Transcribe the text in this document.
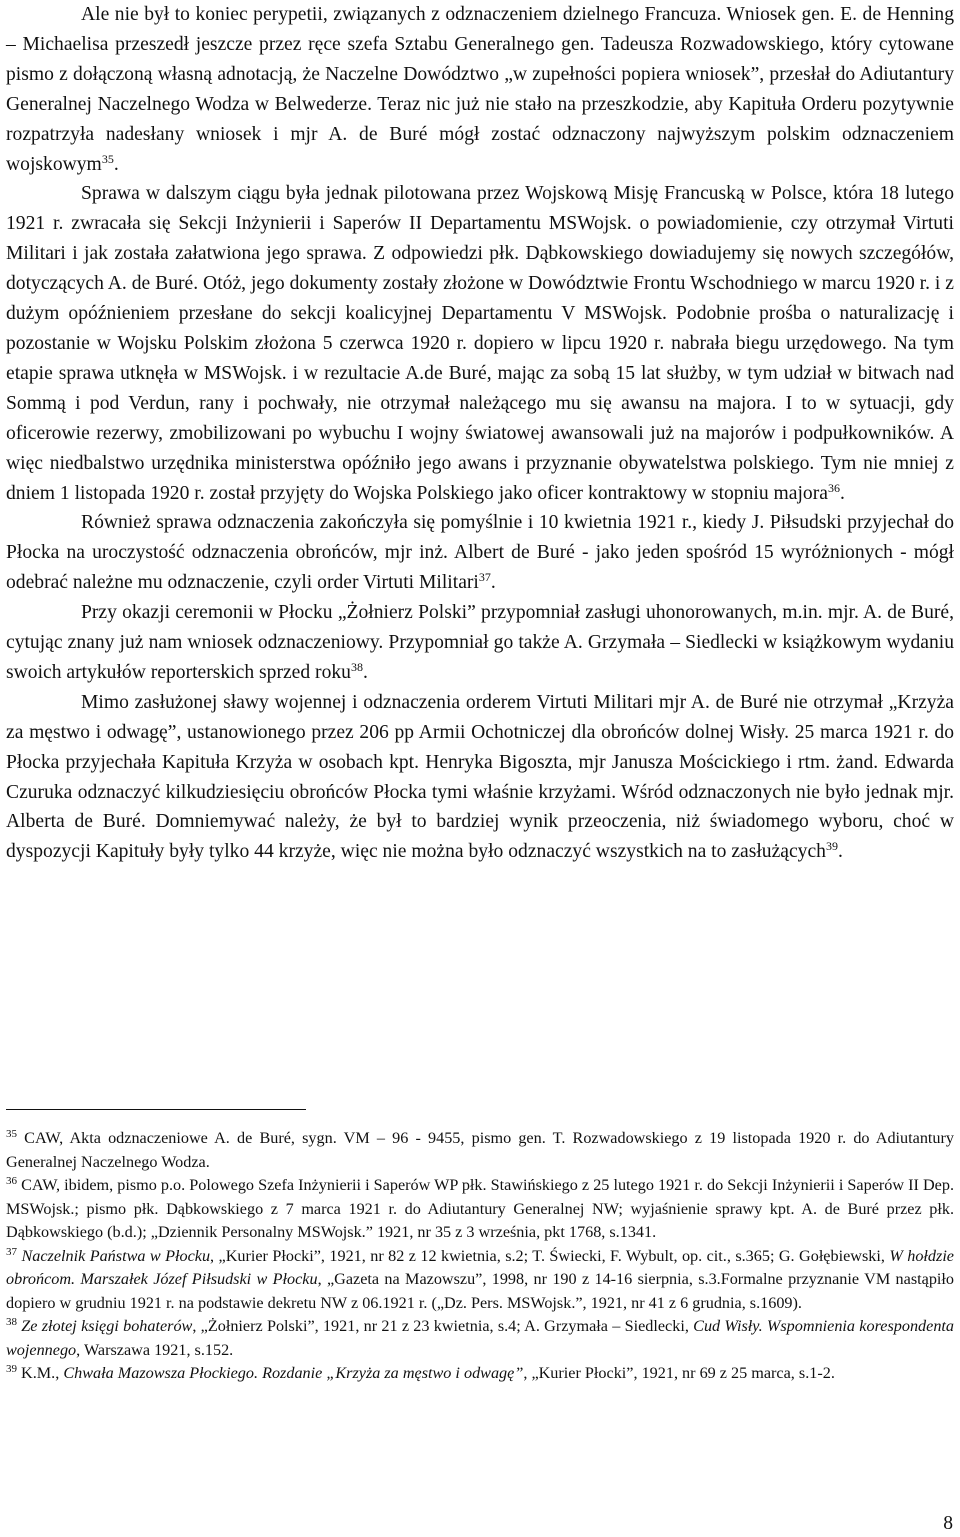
Ale nie był to koniec perypetii, związanych z odznaczeniem dzielnego Francuza. Wniosek gen. E. de Henning – Michaelisa przeszedł jeszcze przez ręce szefa Sztabu Generalnego gen. Tadeusza Rozwadowskiego, który cytowane pismo z dołączoną własną adnotacją, że Naczelne Dowództwo „w zupełności popiera wniosek”, przesłał do Adiutantury Generalnej Naczelnego Wodza w Belwederze. Teraz nic już nie stało na przeszkodzie, aby Kapituła Orderu pozytywnie rozpatrzyła nadesłany wniosek i mjr A. de Buré mógł zostać odznaczony najwyższym polskim odznaczeniem wojskowym$^{35}$.

Sprawa w dalszym ciągu była jednak pilotowana przez Wojskową Misję Francuską w Polsce, która 18 lutego 1921 r. zwracała się Sekcji Inżynierii i Saperów II Departamentu MSWojsk. o powiadomienie, czy otrzymał Virtuti Militari i jak została załatwiona jego sprawa. Z odpowiedzi płk. Dąbkowskiego dowiadujemy się nowych szczegółów, dotyczących A. de Buré. Otóż, jego dokumenty zostały złożone w Dowództwie Frontu Wschodniego w marcu 1920 r. i z dużym opóźnieniem przesłane do sekcji koalicyjnej Departamentu V MSWojsk. Podobnie prośba o naturalizację i pozostanie w Wojsku Polskim złożona 5 czerwca 1920 r. dopiero w lipcu 1920 r. nabrała biegu urzędowego. Na tym etapie sprawa utknęła w MSWojsk. i w rezultacie A.de Buré, mając za sobą 15 lat służby, w tym udział w bitwach nad Sommą i pod Verdun, rany i pochwały, nie otrzymał należącego mu się awansu na majora. I to w sytuacji, gdy oficerowie rezerwy, zmobilizowani po wybuchu I wojny światowej awansowali już na majorów i podpułkowników. A więc niedbalstwo urzędnika ministerstwa opóźniło jego awans i przyznanie obywatelstwa polskiego. Tym nie mniej z dniem 1 listopada 1920 r. został przyjęty do Wojska Polskiego jako oficer kontraktowy w stopniu majora$^{36}$.

Również sprawa odznaczenia zakończyła się pomyślnie i 10 kwietnia 1921 r., kiedy J. Piłsudski przyjechał do Płocka na uroczystość odznaczenia obrońców, mjr inż. Albert de Buré - jako jeden spośród 15 wyróżnionych - mógł odebrać należne mu odznaczenie, czyli order Virtuti Militari$^{37}$.

Przy okazji ceremonii w Płocku „Żołnierz Polski” przypomniał zasługi uhonorowanych, m.in. mjr. A. de Buré, cytując znany już nam wniosek odznaczeniowy. Przypomniał go także A. Grzymała – Siedlecki w książkowym wydaniu swoich artykułów reporterskich sprzed roku$^{38}$.

Mimo zasłużonej sławy wojennej i odznaczenia orderem Virtuti Militari mjr A. de Buré nie otrzymał „Krzyża za męstwo i odwagę”, ustanowionego przez 206 pp Armii Ochotniczej dla obrońców dolnej Wisły. 25 marca 1921 r. do Płocka przyjechała Kapituła Krzyża w osobach kpt. Henryka Bigoszta, mjr Janusza Mościckiego i rtm. żand. Edwarda Czuruka odznaczyć kilkudziesięciu obrońców Płocka tymi właśnie krzyżami. Wśród odznaczonych nie było jednak mjr. Alberta de Buré. Domniemywać należy, że był to bardziej wynik przeoczenia, niż świadomego wyboru, choć w dyspozycji Kapituły były tylko 44 krzyże, więc nie można było odznaczyć wszystkich na to zasłużących$^{39}$.

$^{35}$ CAW, Akta odznaczeniowe A. de Buré, sygn. VM – 96 - 9455, pismo gen. T. Rozwadowskiego z 19 listopada 1920 r. do Adiutantury Generalnej Naczelnego Wodza.

$^{36}$ CAW, ibidem, pismo p.o. Polowego Szefa Inżynierii i Saperów WP płk. Stawińskiego z 25 lutego 1921 r. do Sekcji Inżynierii i Saperów II Dep. MSWojsk.; pismo płk. Dąbkowskiego z 7 marca 1921 r. do Adiutantury Generalnej NW; wyjaśnienie sprawy kpt. A. de Buré przez płk. Dąbkowskiego (b.d.); „Dziennik Personalny MSWojsk.” 1921, nr 35 z 3 września, pkt 1768, s.1341.

$^{37}$ Naczelnik Państwa w Płocku, „Kurier Płocki”, 1921, nr 82 z 12 kwietnia, s.2; T. Świecki, F. Wybult, op. cit., s.365; G. Gołębiewski, W hołdzie obrońcom. Marszałek Józef Piłsudski w Płocku, „Gazeta na Mazowszu”, 1998, nr 190 z 14-16 sierpnia, s.3.Formalne przyznanie VM nastąpiło dopiero w grudniu 1921 r. na podstawie dekretu NW z 06.1921 r. („Dz. Pers. MSWojsk.”, 1921, nr 41 z 6 grudnia, s.1609).

$^{38}$ Ze złotej księgi bohaterów, „Żołnierz Polski”, 1921, nr 21 z 23 kwietnia, s.4; A. Grzymała – Siedlecki, Cud Wisły. Wspomnienia korespondenta wojennego, Warszawa 1921, s.152.

$^{39}$ K.M., Chwała Mazowsza Płockiego. Rozdanie „Krzyża za męstwo i odwagę”, „Kurier Płocki”, 1921, nr 69 z 25 marca, s.1-2.

8
